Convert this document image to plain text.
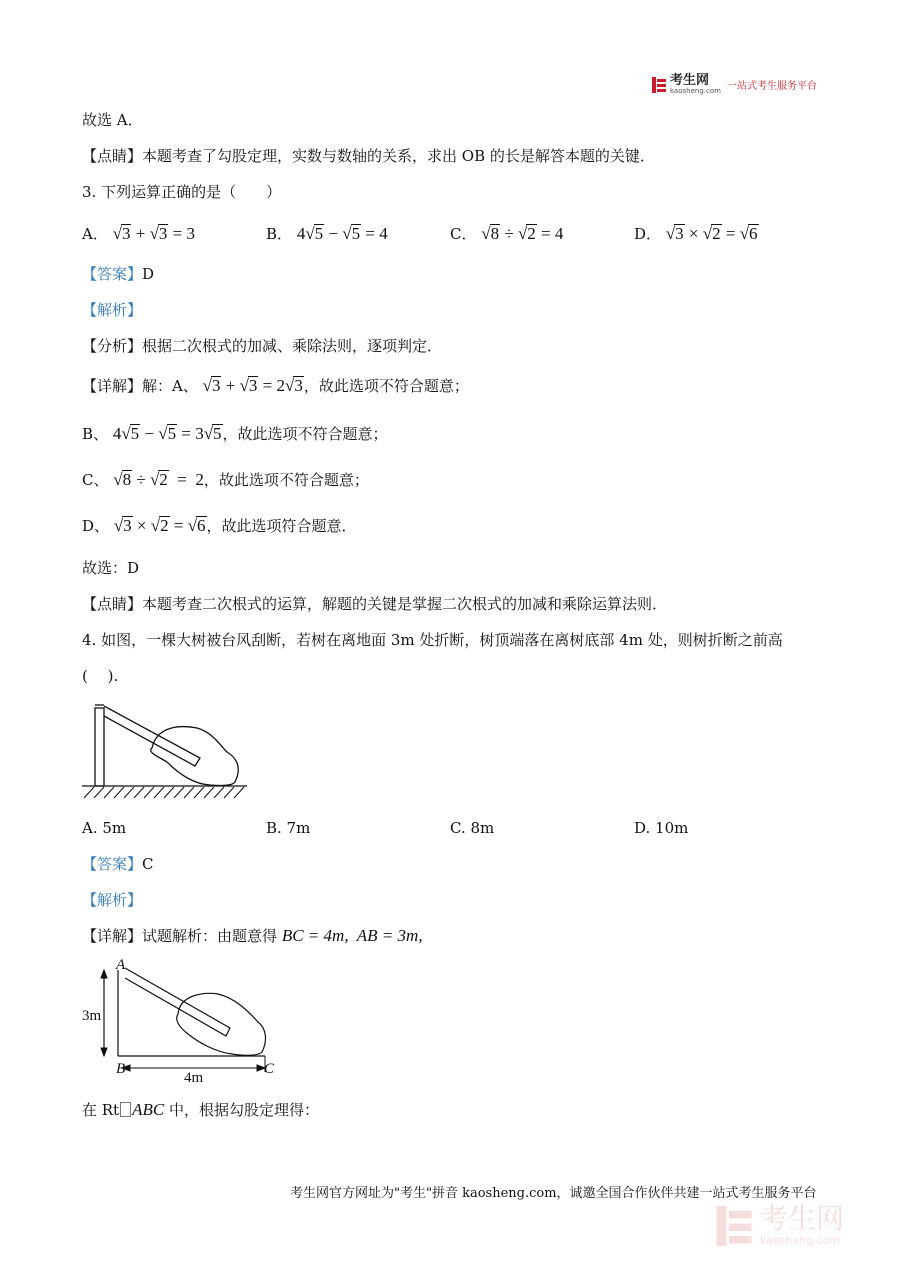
考生网
kaosheng.com 一站式考生服务平台
故选 A．
【点睛】本题考查了勾股定理，实数与数轴的关系，求出 OB 的长是解答本题的关键．
3. 下列运算正确的是（　　）
A． √3 + √3 = 3	B． 4√5 − √5 = 4	C． √8 ÷ √2 = 4	D． √3 × √2 = √6
【答案】D
【解析】
【分析】根据二次根式的加减、乘除法则，逐项判定．
【详解】解：A、 √3 + √3 = 2√3，故此选项不符合题意；
B、 4√5 − √5 = 3√5，故此选项不符合题意；
C、 √8 ÷ √2  =  2，故此选项不符合题意；
D、 √3 × √2 = √6，故此选项符合题意．
故选：D
【点睛】本题考查二次根式的运算，解题的关键是掌握二次根式的加减和乘除运算法则．
4. 如图，一棵大树被台风刮断，若树在离地面 3m 处折断，树顶端落在离树底部 4m 处，则树折断之前高
(　 ).
A. 5m	B. 7m	C. 8m	D. 10m
【答案】C
【解析】
【详解】试题解析：由题意得 BC = 4m,  AB = 3m,
A
B	C
3m
4m
在 Rt ABC 中，根据勾股定理得：
考生网官方网址为"考生"拼音 kaosheng.com，诚邀全国合作伙伴共建一站式考生服务平台
考生网
kaosheng.com
